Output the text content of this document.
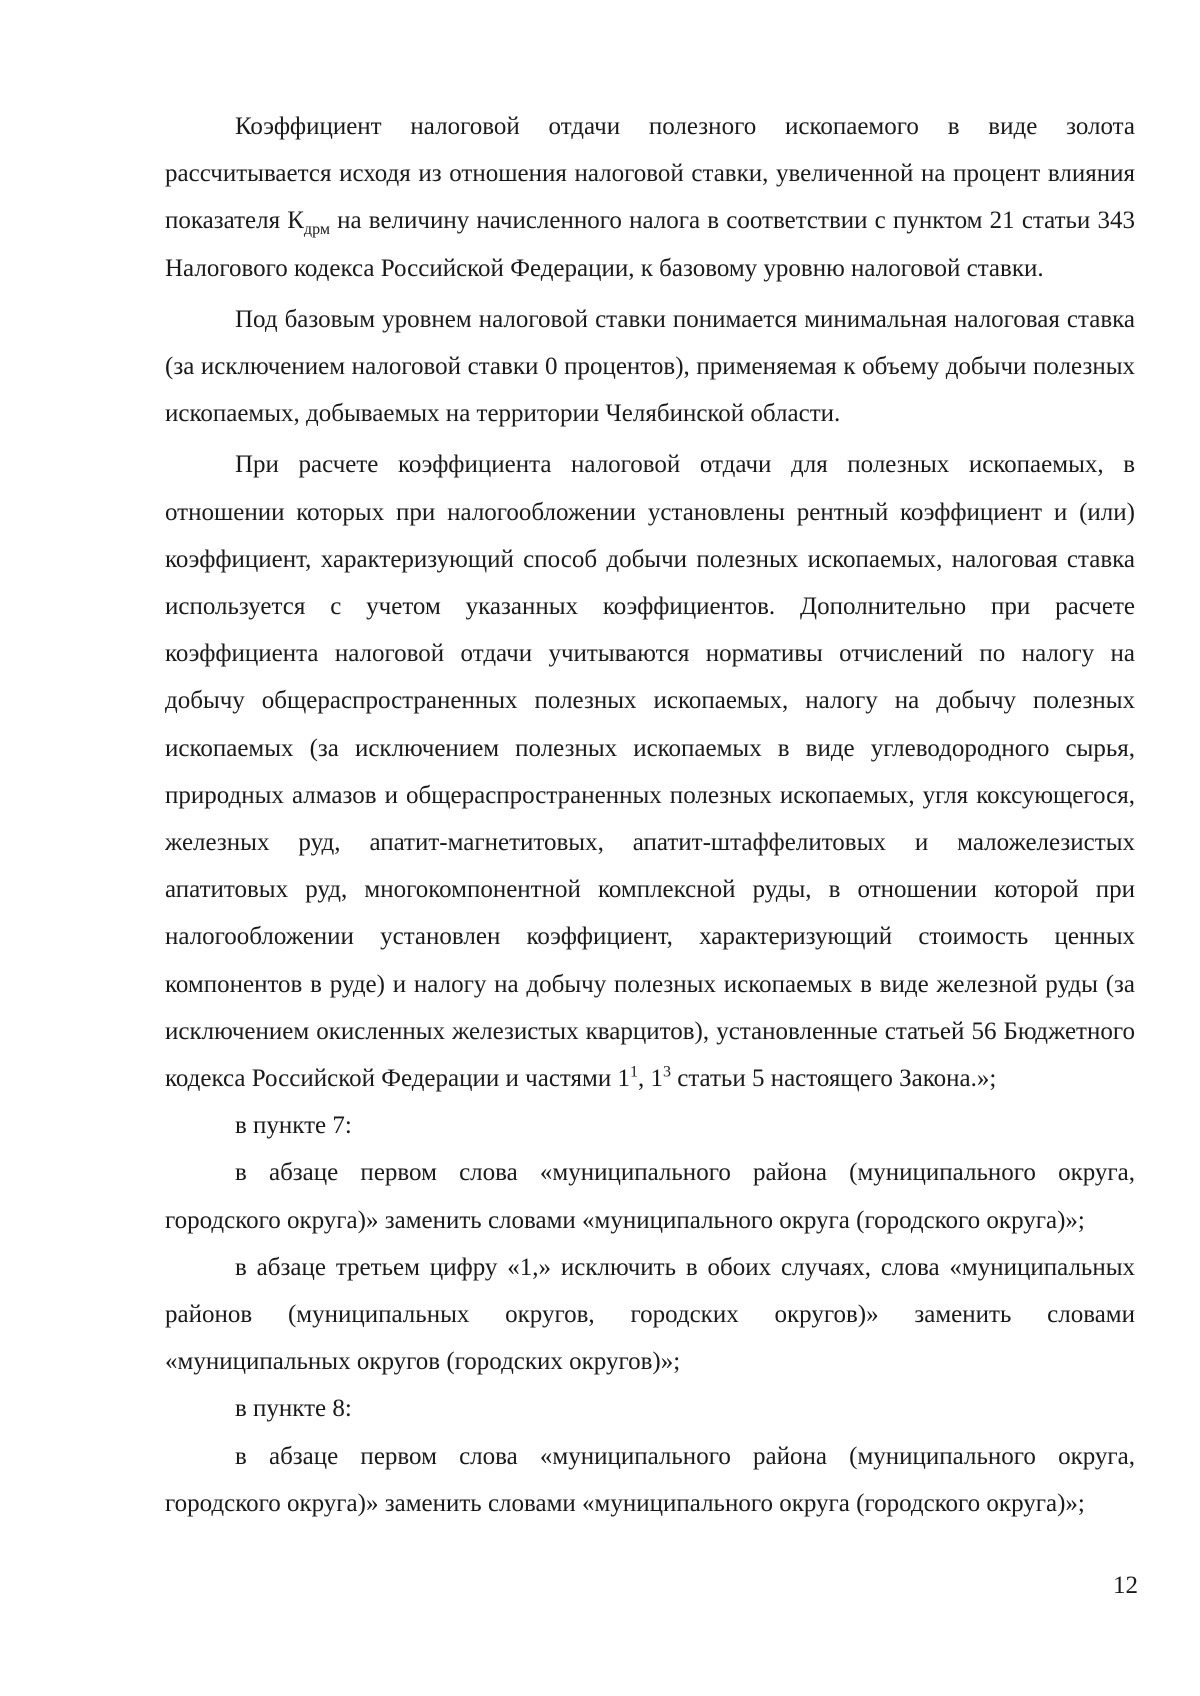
Коэффициент налоговой отдачи полезного ископаемого в виде золота рассчитывается исходя из отношения налоговой ставки, увеличенной на процент влияния показателя $К_{дрм}$ на величину начисленного налога в соответствии с пунктом 21 статьи 343 Налогового кодекса Российской Федерации, к базовому уровню налоговой ставки.

Под базовым уровнем налоговой ставки понимается минимальная налоговая ставка (за исключением налоговой ставки 0 процентов), применяемая к объему добычи полезных ископаемых, добываемых на территории Челябинской области.

При расчете коэффициента налоговой отдачи для полезных ископаемых, в отношении которых при налогообложении установлены рентный коэффициент и (или) коэффициент, характеризующий способ добычи полезных ископаемых, налоговая ставка используется с учетом указанных коэффициентов. Дополнительно при расчете коэффициента налоговой отдачи учитываются нормативы отчислений по налогу на добычу общераспространенных полезных ископаемых, налогу на добычу полезных ископаемых (за исключением полезных ископаемых в виде углеводородного сырья, природных алмазов и общераспространенных полезных ископаемых, угля коксующегося, железных руд, апатит-магнетитовых, апатит-штаффелитовых и маложелезистых апатитовых руд, многокомпонентной комплексной руды, в отношении которой при налогообложении установлен коэффициент, характеризующий стоимость ценных компонентов в руде) и налогу на добычу полезных ископаемых в виде железной руды (за исключением окисленных железистых кварцитов), установленные статьей 56 Бюджетного кодекса Российской Федерации и частями $1^1$, $1^3$ статьи 5 настоящего Закона.»;

в пункте 7:

в абзаце первом слова «муниципального района (муниципального округа, городского округа)» заменить словами «муниципального округа (городского округа)»;

в абзаце третьем цифру «1,» исключить в обоих случаях, слова «муниципальных районов (муниципальных округов, городских округов)» заменить словами «муниципальных округов (городских округов)»;

в пункте 8:

в абзаце первом слова «муниципального района (муниципального округа, городского округа)» заменить словами «муниципального округа (городского округа)»;

12
